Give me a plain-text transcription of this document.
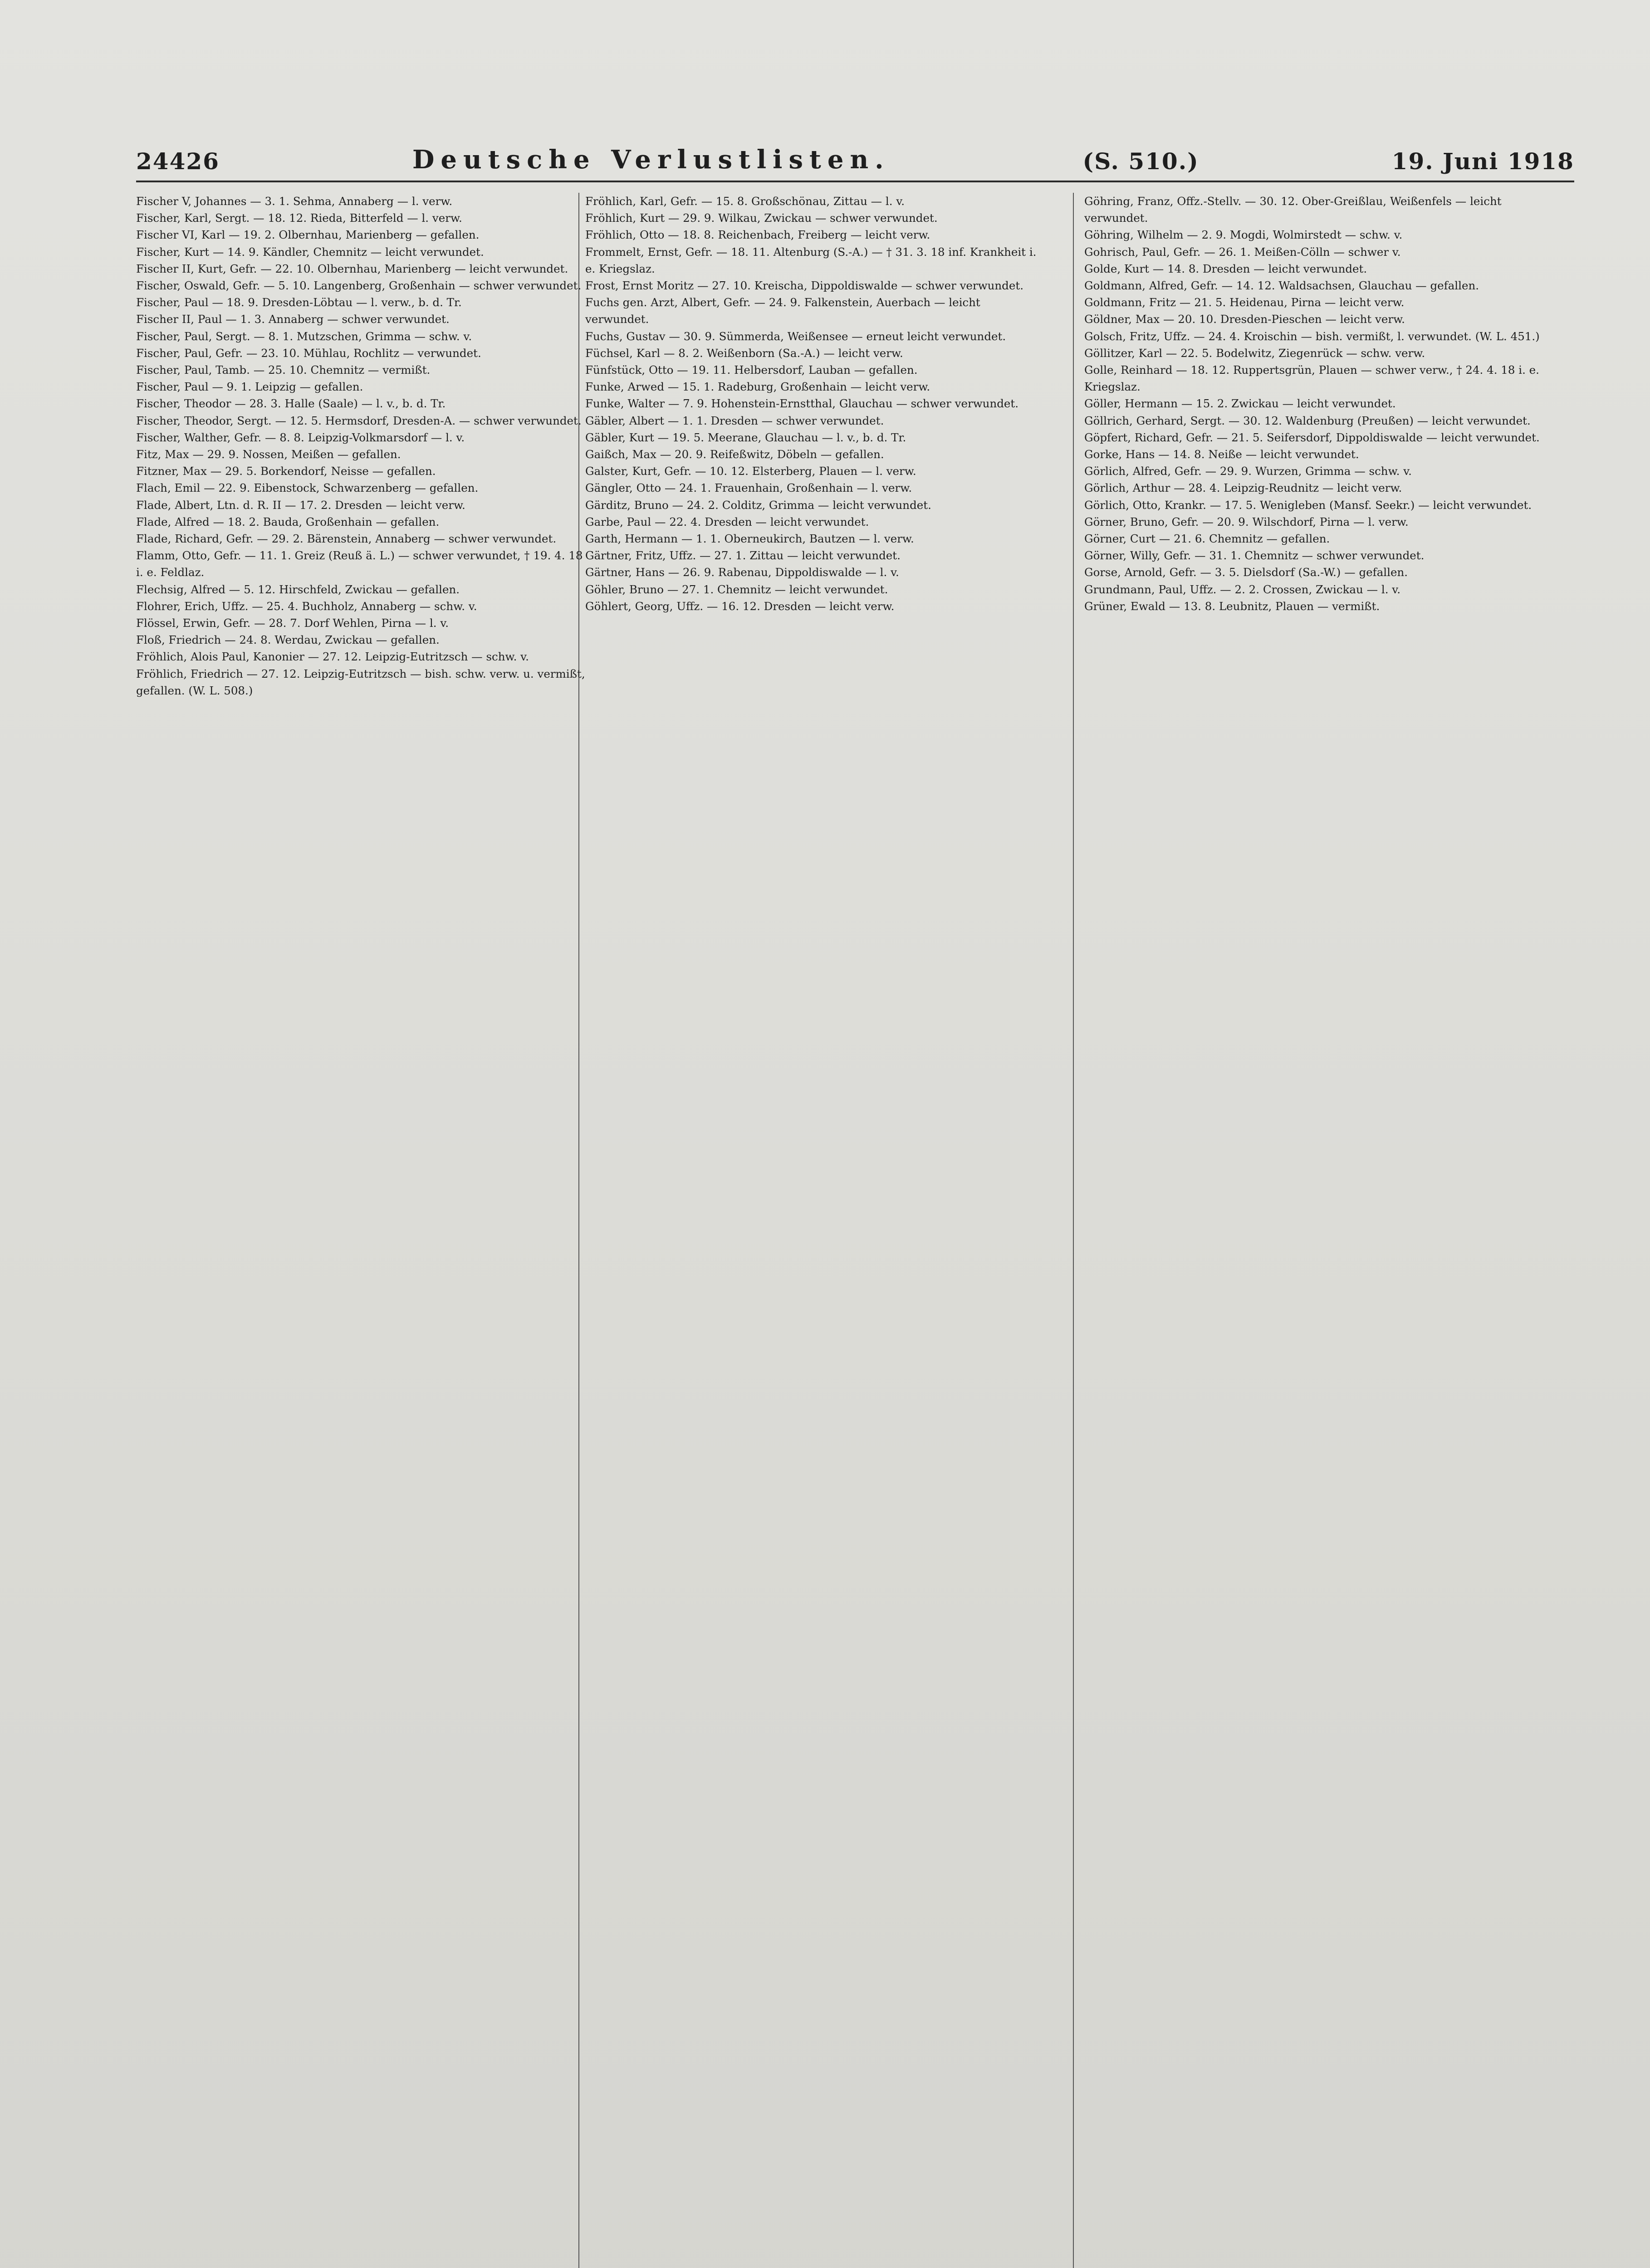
24426	Deutsche Verlustlisten.	(S. 510.)	19. Juni 1918

Fischer V, Johannes — 3. 1. Sehma, Annaberg — l. verw.

Fischer, Karl, Sergt. — 18. 12. Rieda, Bitterfeld — l. verw.

Fischer VI, Karl — 19. 2. Olbernhau, Marienberg — gefallen.

Fischer, Kurt — 14. 9. Kändler, Chemnitz — leicht verwundet.

Fischer II, Kurt, Gefr. — 22. 10. Olbernhau, Marienberg — leicht verwundet.

Fischer, Oswald, Gefr. — 5. 10. Langenberg, Großenhain — schwer verwundet.

Fischer, Paul — 18. 9. Dresden-Löbtau — l. verw., b. d. Tr.

Fischer II, Paul — 1. 3. Annaberg — schwer verwundet.

Fischer, Paul, Sergt. — 8. 1. Mutzschen, Grimma — schw. v.

Fischer, Paul, Gefr. — 23. 10. Mühlau, Rochlitz — verwundet.

Fischer, Paul, Tamb. — 25. 10. Chemnitz — vermißt.

Fischer, Paul — 9. 1. Leipzig — gefallen.

Fischer, Theodor — 28. 3. Halle (Saale) — l. v., b. d. Tr.

Fischer, Theodor, Sergt. — 12. 5. Hermsdorf, Dresden-A. — schwer verwundet.

Fischer, Walther, Gefr. — 8. 8. Leipzig-Volkmarsdorf — l. v.

Fitz, Max — 29. 9. Nossen, Meißen — gefallen.

Fitzner, Max — 29. 5. Borkendorf, Neisse — gefallen.

Flach, Emil — 22. 9. Eibenstock, Schwarzenberg — gefallen.

Flade, Albert, Ltn. d. R. II — 17. 2. Dresden — leicht verw.

Flade, Alfred — 18. 2. Bauda, Großenhain — gefallen.

Flade, Richard, Gefr. — 29. 2. Bärenstein, Annaberg — schwer verwundet.

Flamm, Otto, Gefr. — 11. 1. Greiz (Reuß ä. L.) — schwer verwundet, † 19. 4. 18 i. e. Feldlaz.

Flechsig, Alfred — 5. 12. Hirschfeld, Zwickau — gefallen.

Flohrer, Erich, Uffz. — 25. 4. Buchholz, Annaberg — schw. v.

Flössel, Erwin, Gefr. — 28. 7. Dorf Wehlen, Pirna — l. v.

Floß, Friedrich — 24. 8. Werdau, Zwickau — gefallen.

Fröhlich, Alois Paul, Kanonier — 27. 12. Leipzig-Eutritzsch — schw. v.

Fröhlich, Friedrich — 27. 12. Leipzig-Eutritzsch — bish. schw. verw. u. vermißt, gefallen. (W. L. 508.)

Fröhlich, Karl, Gefr. — 15. 8. Großschönau, Zittau — l. v.

Fröhlich, Kurt — 29. 9. Wilkau, Zwickau — schwer verwundet.

Fröhlich, Otto — 18. 8. Reichenbach, Freiberg — leicht verw.

Frommelt, Ernst, Gefr. — 18. 11. Altenburg (S.-A.) — † 31. 3. 18 inf. Krankheit i. e. Kriegslaz.

Frost, Ernst Moritz — 27. 10. Kreischa, Dippoldiswalde — schwer verwundet.

Fuchs gen. Arzt, Albert, Gefr. — 24. 9. Falkenstein, Auerbach — leicht verwundet.

Fuchs, Gustav — 30. 9. Sümmerda, Weißensee — erneut leicht verwundet.

Füchsel, Karl — 8. 2. Weißenborn (Sa.-A.) — leicht verw.

Fünfstück, Otto — 19. 11. Helbersdorf, Lauban — gefallen.

Funke, Arwed — 15. 1. Radeburg, Großenhain — leicht verw.

Funke, Walter — 7. 9. Hohenstein-Ernstthal, Glauchau — schwer verwundet.

Gäbler, Albert — 1. 1. Dresden — schwer verwundet.

Gäbler, Kurt — 19. 5. Meerane, Glauchau — l. v., b. d. Tr.

Gaißch, Max — 20. 9. Reifeßwitz, Döbeln — gefallen.

Galster, Kurt, Gefr. — 10. 12. Elsterberg, Plauen — l. verw.

Gängler, Otto — 24. 1. Frauenhain, Großenhain — l. verw.

Gärditz, Bruno — 24. 2. Colditz, Grimma — leicht verwundet.

Garbe, Paul — 22. 4. Dresden — leicht verwundet.

Garth, Hermann — 1. 1. Oberneukirch, Bautzen — l. verw.

Gärtner, Fritz, Uffz. — 27. 1. Zittau — leicht verwundet.

Gärtner, Hans — 26. 9. Rabenau, Dippoldiswalde — l. v.

Göhler, Bruno — 27. 1. Chemnitz — leicht verwundet.

Göhlert, Georg, Uffz. — 16. 12. Dresden — leicht verw.

Göhring, Franz, Offz.-Stellv. — 30. 12. Ober-Greißlau, Weißenfels — leicht verwundet.

Göhring, Wilhelm — 2. 9. Mogdi, Wolmirstedt — schw. v.

Gohrisch, Paul, Gefr. — 26. 1. Meißen-Cölln — schwer v.

Golde, Kurt — 14. 8. Dresden — leicht verwundet.

Goldmann, Alfred, Gefr. — 14. 12. Waldsachsen, Glauchau — gefallen.

Goldmann, Fritz — 21. 5. Heidenau, Pirna — leicht verw.

Göldner, Max — 20. 10. Dresden-Pieschen — leicht verw.

Golsch, Fritz, Uffz. — 24. 4. Kroischin — bish. vermißt, l. verwundet. (W. L. 451.)

Göllitzer, Karl — 22. 5. Bodelwitz, Ziegenrück — schw. verw.

Golle, Reinhard — 18. 12. Ruppertsgrün, Plauen — schwer verw., † 24. 4. 18 i. e. Kriegslaz.

Göller, Hermann — 15. 2. Zwickau — leicht verwundet.

Göllrich, Gerhard, Sergt. — 30. 12. Waldenburg (Preußen) — leicht verwundet.

Göpfert, Richard, Gefr. — 21. 5. Seifersdorf, Dippoldiswalde — leicht verwundet.

Gorke, Hans — 14. 8. Neiße — leicht verwundet.

Görlich, Alfred, Gefr. — 29. 9. Wurzen, Grimma — schw. v.

Görlich, Arthur — 28. 4. Leipzig-Reudnitz — leicht verw.

Görlich, Otto, Krankr. — 17. 5. Wenigleben (Mansf. Seekr.) — leicht verwundet.

Görner, Bruno, Gefr. — 20. 9. Wilschdorf, Pirna — l. verw.

Görner, Curt — 21. 6. Chemnitz — gefallen.

Görner, Willy, Gefr. — 31. 1. Chemnitz — schwer verwundet.

Gorse, Arnold, Gefr. — 3. 5. Dielsdorf (Sa.-W.) — gefallen.

Grundmann, Paul, Uffz. — 2. 2. Crossen, Zwickau — l. v.

Grüner, Ewald — 13. 8. Leubnitz, Plauen — vermißt.
